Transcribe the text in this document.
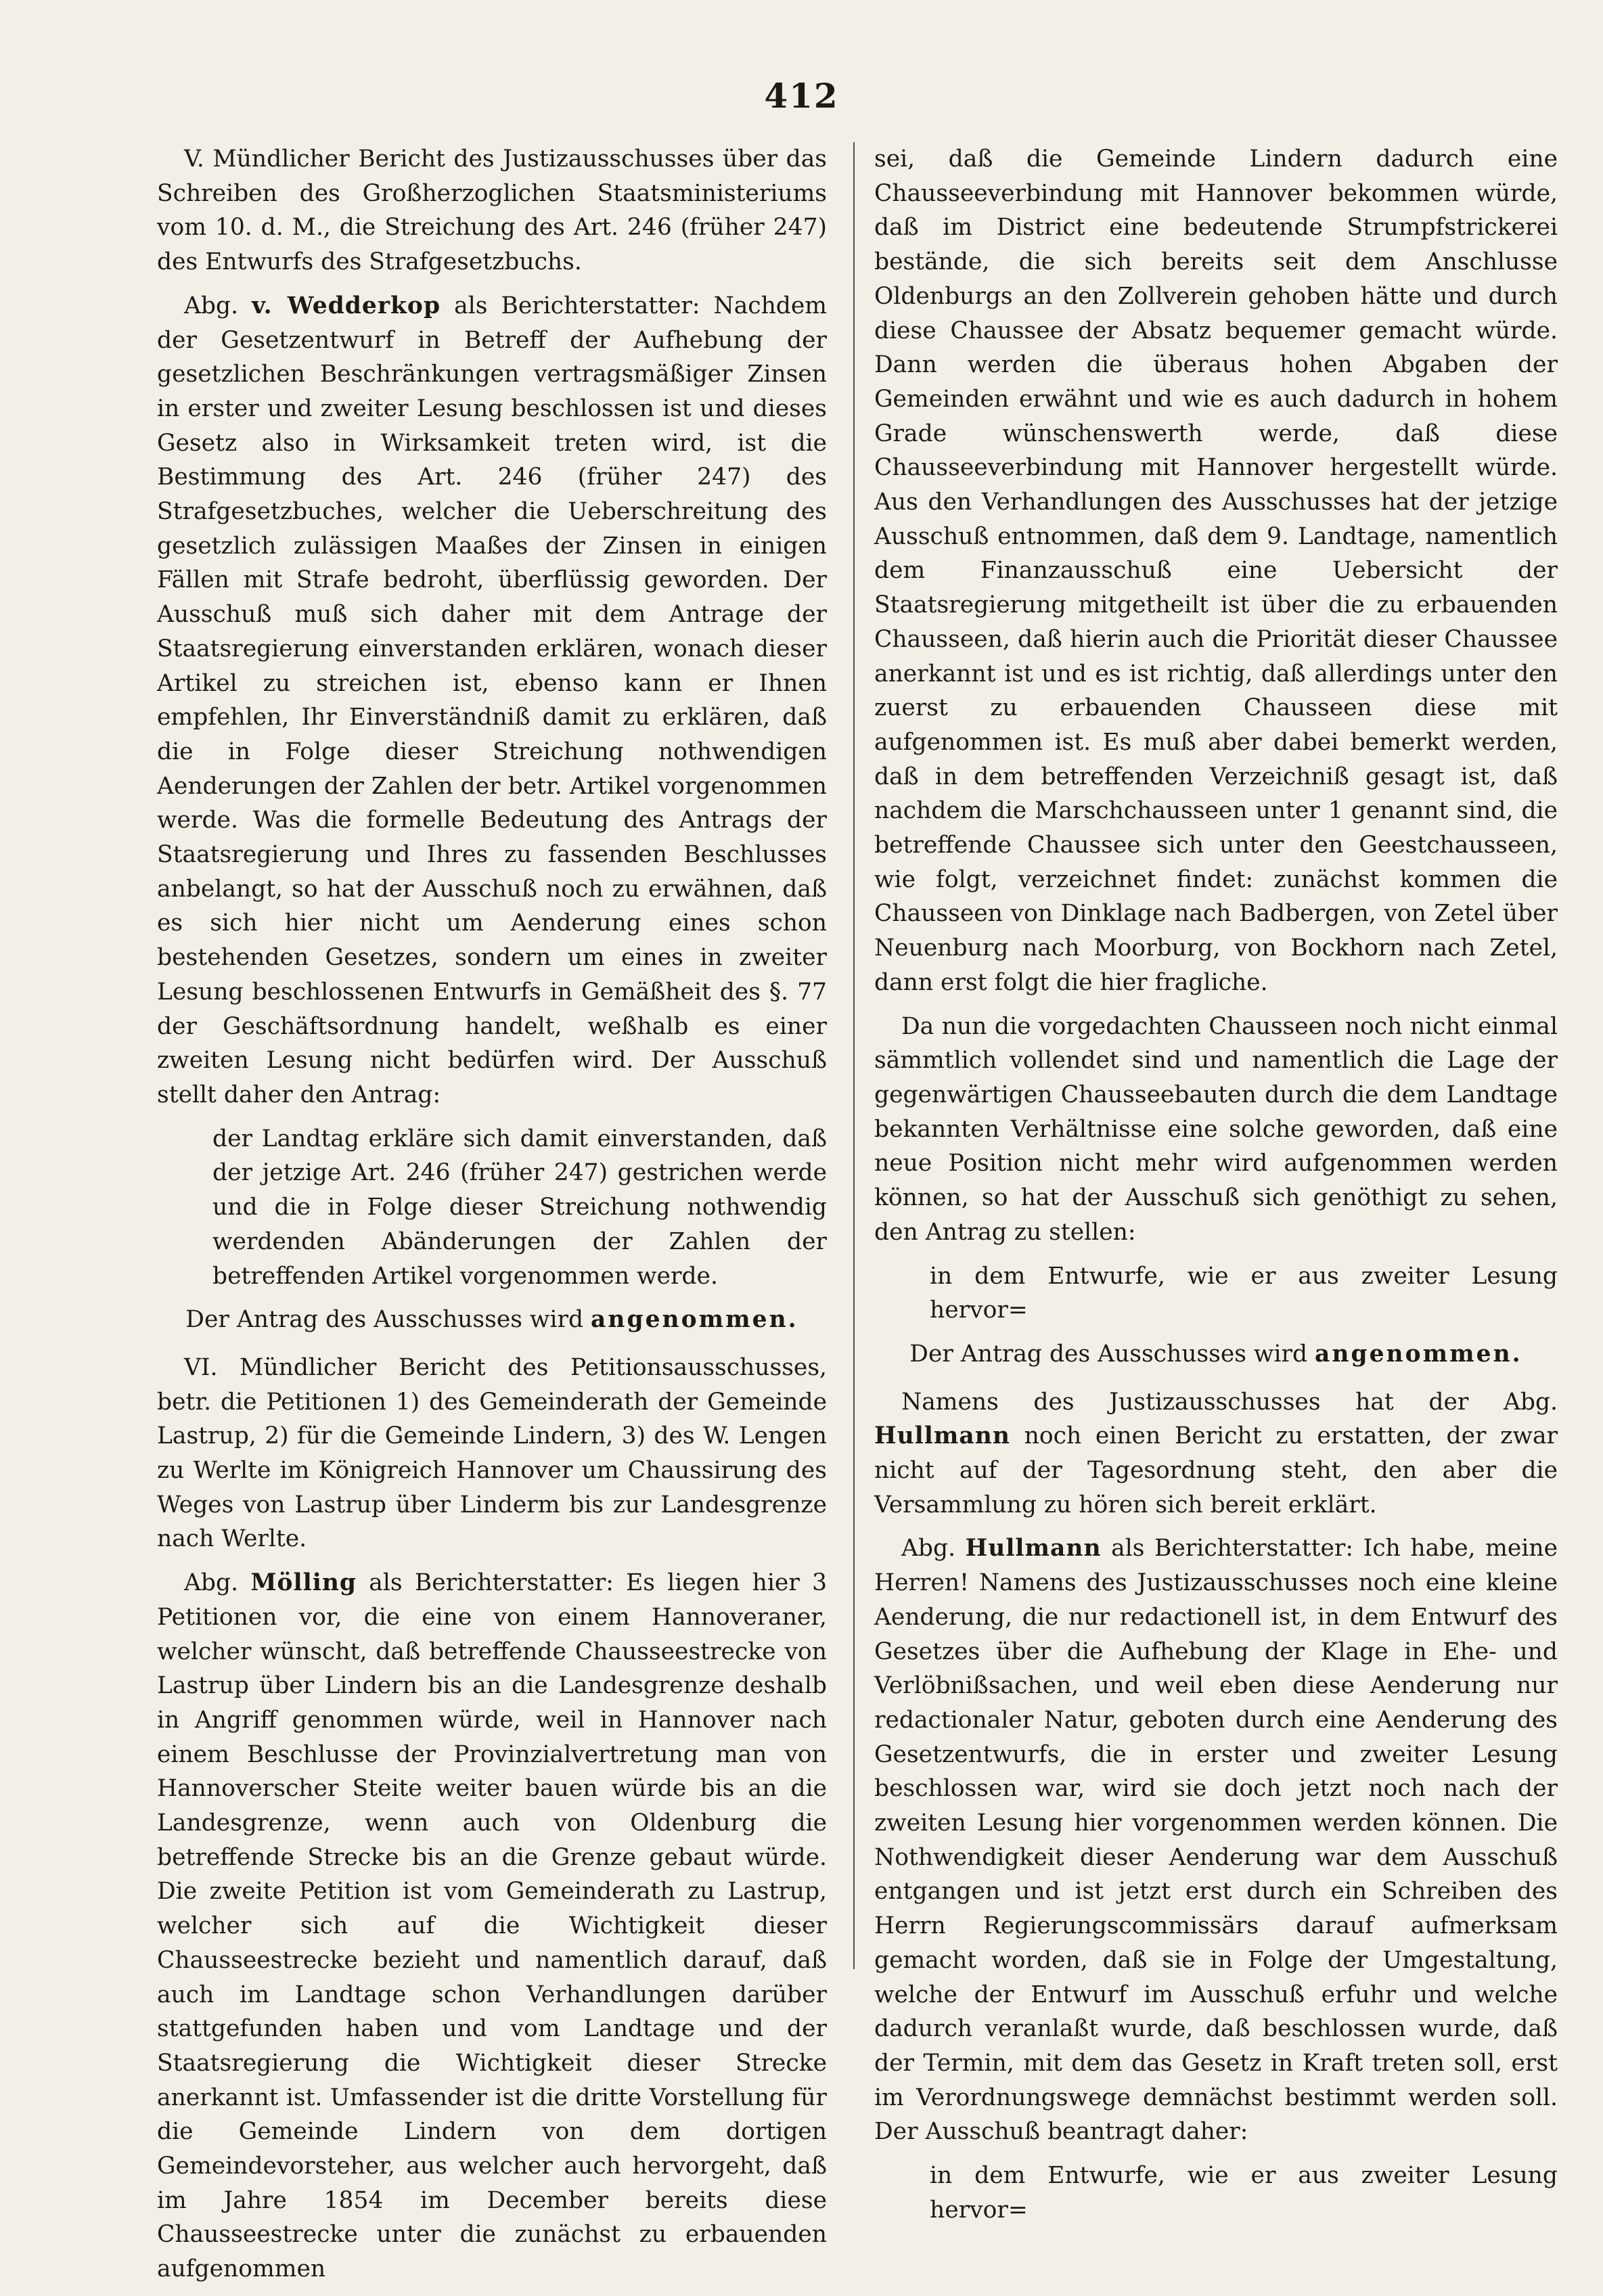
412

V. Mündlicher Bericht des Justizausschusses über das Schreiben des Großherzoglichen Staatsministeriums vom 10. d. M., die Streichung des Art. 246 (früher 247) des Entwurfs des Strafgesetzbuchs.

Abg. v. Wedderkop als Berichterstatter: Nachdem der Gesetzentwurf in Betreff der Aufhebung der gesetzlichen Beschränkungen vertragsmäßiger Zinsen in erster und zweiter Lesung beschlossen ist und dieses Gesetz also in Wirksamkeit treten wird, ist die Bestimmung des Art. 246 (früher 247) des Strafgesetzbuches, welcher die Ueberschreitung des gesetzlich zulässigen Maaßes der Zinsen in einigen Fällen mit Strafe bedroht, überflüssig geworden. Der Ausschuß muß sich daher mit dem Antrage der Staatsregierung einverstanden erklären, wonach dieser Artikel zu streichen ist, ebenso kann er Ihnen empfehlen, Ihr Einverständniß damit zu erklären, daß die in Folge dieser Streichung nothwendigen Aenderungen der Zahlen der betr. Artikel vorgenommen werde. Was die formelle Bedeutung des Antrags der Staatsregierung und Ihres zu fassenden Beschlusses anbelangt, so hat der Ausschuß noch zu erwähnen, daß es sich hier nicht um Aenderung eines schon bestehenden Gesetzes, sondern um eines in zweiter Lesung beschlossenen Entwurfs in Gemäßheit des §. 77 der Geschäftsordnung handelt, weßhalb es einer zweiten Lesung nicht bedürfen wird. Der Ausschuß stellt daher den Antrag:

der Landtag erkläre sich damit einverstanden, daß der jetzige Art. 246 (früher 247) gestrichen werde und die in Folge dieser Streichung nothwendig werdenden Abänderungen der Zahlen der betreffenden Artikel vorgenommen werde.

Der Antrag des Ausschusses wird angenommen.

VI. Mündlicher Bericht des Petitionsausschusses, betr. die Petitionen 1) des Gemeinderath der Gemeinde Lastrup, 2) für die Gemeinde Lindern, 3) des W. Lengen zu Werlte im Königreich Hannover um Chaussirung des Weges von Lastrup über Linderm bis zur Landesgrenze nach Werlte.

Abg. Mölling als Berichterstatter: Es liegen hier 3 Petitionen vor, die eine von einem Hannoveraner, welcher wünscht, daß betreffende Chausseestrecke von Lastrup über Lindern bis an die Landesgrenze deshalb in Angriff genommen würde, weil in Hannover nach einem Beschlusse der Provinzialvertretung man von Hannoverscher Steite weiter bauen würde bis an die Landesgrenze, wenn auch von Oldenburg die betreffende Strecke bis an die Grenze gebaut würde. Die zweite Petition ist vom Gemeinderath zu Lastrup, welcher sich auf die Wichtigkeit dieser Chausseestrecke bezieht und namentlich darauf, daß auch im Landtage schon Verhandlungen darüber stattgefunden haben und vom Landtage und der Staatsregierung die Wichtigkeit dieser Strecke anerkannt ist. Umfassender ist die dritte Vorstellung für die Gemeinde Lindern von dem dortigen Gemeindevorsteher, aus welcher auch hervorgeht, daß im Jahre 1854 im December bereits diese Chausseestrecke unter die zunächst zu erbauenden aufgenommen

sei, daß die Gemeinde Lindern dadurch eine Chausseeverbindung mit Hannover bekommen würde, daß im District eine bedeutende Strumpfstrickerei bestände, die sich bereits seit dem Anschlusse Oldenburgs an den Zollverein gehoben hätte und durch diese Chaussee der Absatz bequemer gemacht würde. Dann werden die überaus hohen Abgaben der Gemeinden erwähnt und wie es auch dadurch in hohem Grade wünschenswerth werde, daß diese Chausseeverbindung mit Hannover hergestellt würde. Aus den Verhandlungen des Ausschusses hat der jetzige Ausschuß entnommen, daß dem 9. Landtage, namentlich dem Finanzausschuß eine Uebersicht der Staatsregierung mitgetheilt ist über die zu erbauenden Chausseen, daß hierin auch die Priorität dieser Chaussee anerkannt ist und es ist richtig, daß allerdings unter den zuerst zu erbauenden Chausseen diese mit aufgenommen ist. Es muß aber dabei bemerkt werden, daß in dem betreffenden Verzeichniß gesagt ist, daß nachdem die Marschchausseen unter 1 genannt sind, die betreffende Chaussee sich unter den Geestchausseen, wie folgt, verzeichnet findet: zunächst kommen die Chausseen von Dinklage nach Badbergen, von Zetel über Neuenburg nach Moorburg, von Bockhorn nach Zetel, dann erst folgt die hier fragliche.

Da nun die vorgedachten Chausseen noch nicht einmal sämmtlich vollendet sind und namentlich die Lage der gegenwärtigen Chausseebauten durch die dem Landtage bekannten Verhältnisse eine solche geworden, daß eine neue Position nicht mehr wird aufgenommen werden können, so hat der Ausschuß sich genöthigt zu sehen, den Antrag zu stellen:

in dem Entwurfe, wie er aus zweiter Lesung hervor=

Der Antrag des Ausschusses wird angenommen.

Namens des Justizausschusses hat der Abg. Hullmann noch einen Bericht zu erstatten, der zwar nicht auf der Tagesordnung steht, den aber die Versammlung zu hören sich bereit erklärt.

Abg. Hullmann als Berichterstatter: Ich habe, meine Herren! Namens des Justizausschusses noch eine kleine Aenderung, die nur redactionell ist, in dem Entwurf des Gesetzes über die Aufhebung der Klage in Ehe- und Verlöbnißsachen, und weil eben diese Aenderung nur redactionaler Natur, geboten durch eine Aenderung des Gesetzentwurfs, die in erster und zweiter Lesung beschlossen war, wird sie doch jetzt noch nach der zweiten Lesung hier vorgenommen werden können. Die Nothwendigkeit dieser Aenderung war dem Ausschuß entgangen und ist jetzt erst durch ein Schreiben des Herrn Regierungscommissärs darauf aufmerksam gemacht worden, daß sie in Folge der Umgestaltung, welche der Entwurf im Ausschuß erfuhr und welche dadurch veranlaßt wurde, daß beschlossen wurde, daß der Termin, mit dem das Gesetz in Kraft treten soll, erst im Verordnungswege demnächst bestimmt werden soll. Der Ausschuß beantragt daher:

in dem Entwurfe, wie er aus zweiter Lesung hervor=
